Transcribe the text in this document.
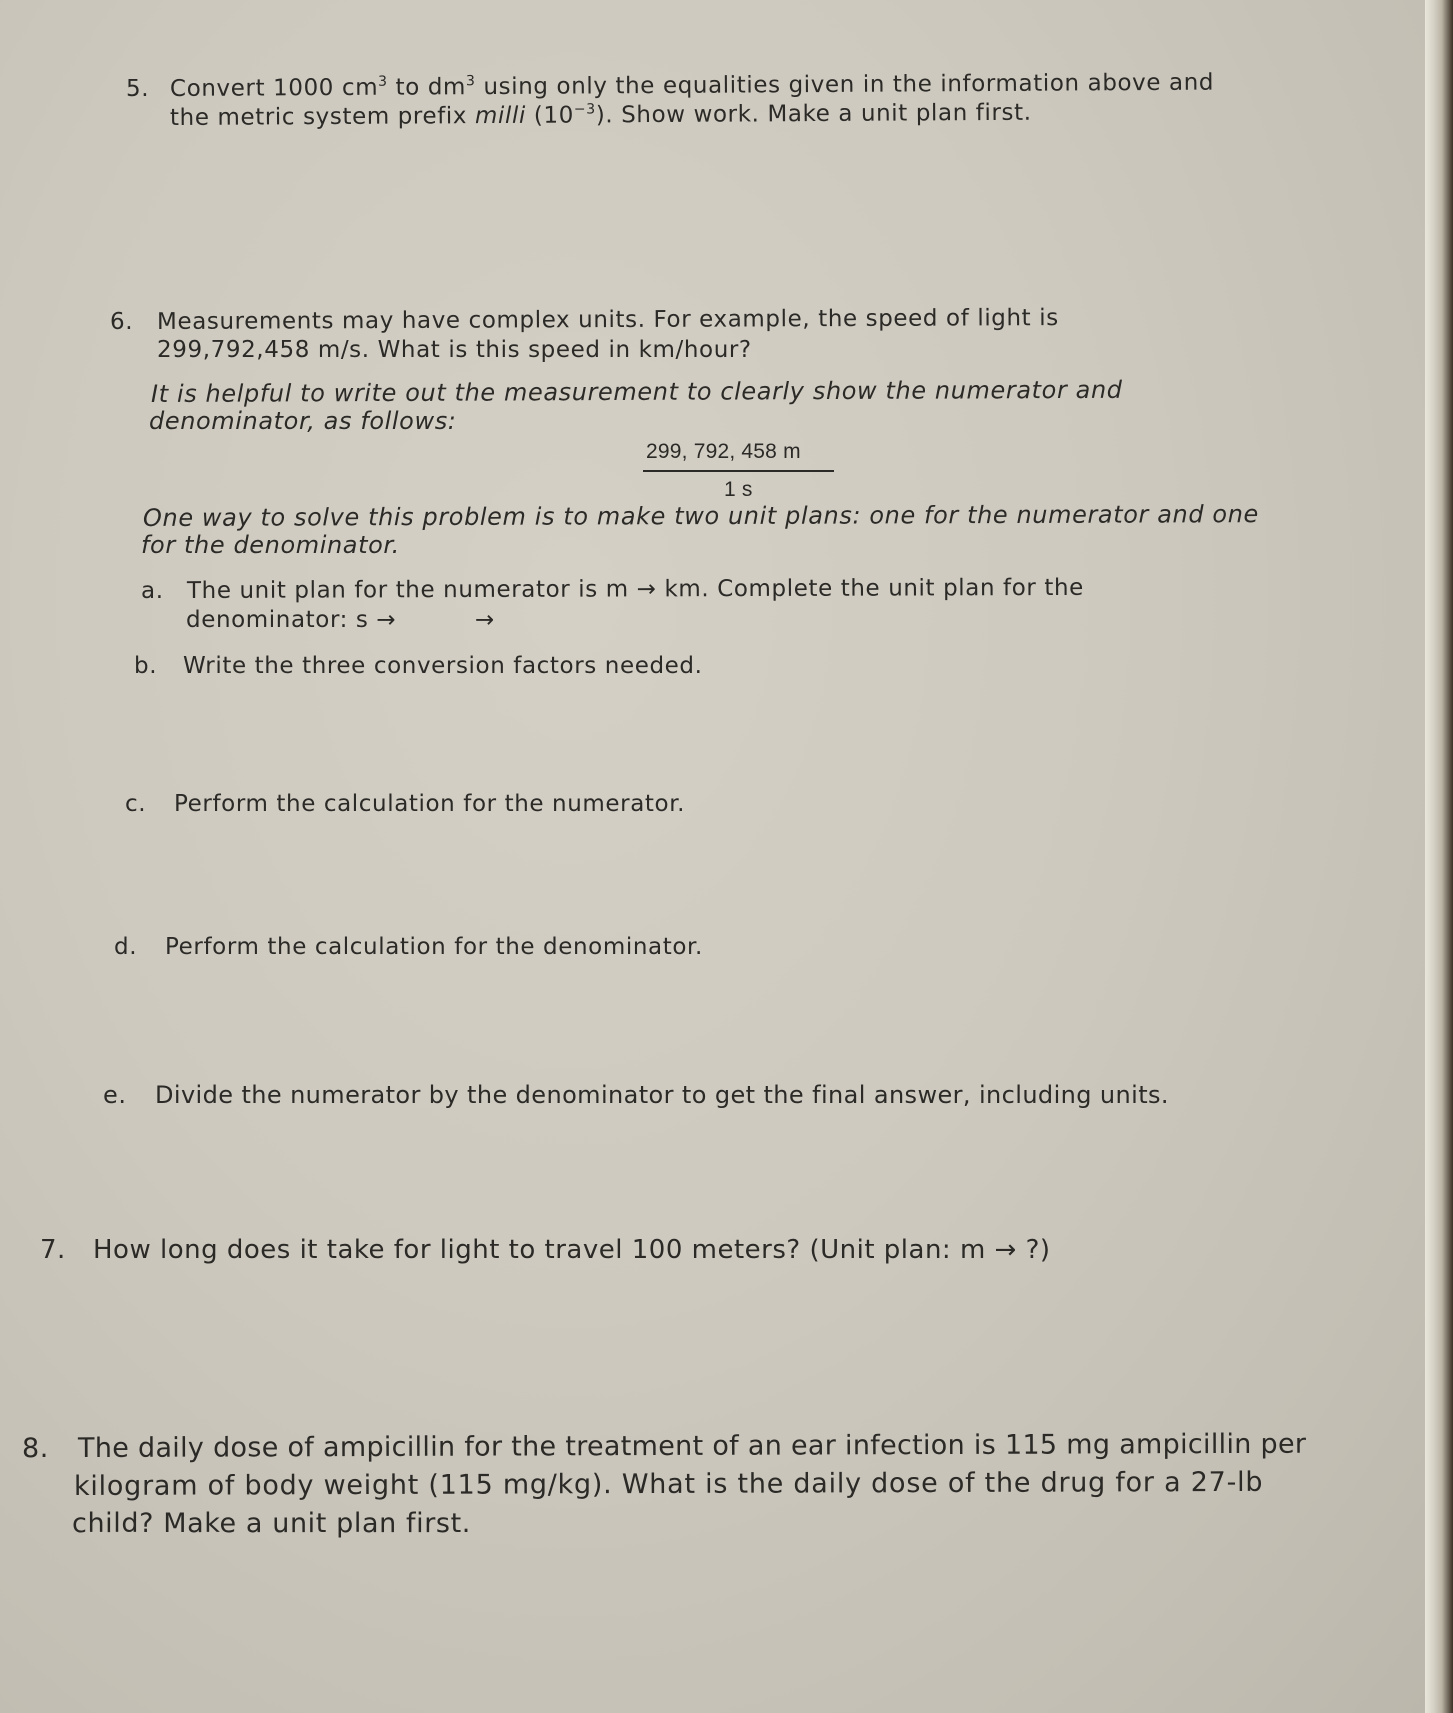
5. Convert 1000 $cm^3$ to $dm^3$ using only the equalities given in the information above and
the metric system prefix milli $(10^{-3})$. Show work. Make a unit plan first.
6. Measurements may have complex units. For example, the speed of light is
299,792,458 m/s. What is this speed in km/hour?
It is helpful to write out the measurement to clearly show the numerator and
denominator, as follows:
299, 792, 458 m
1 s
One way to solve this problem is to make two unit plans: one for the numerator and one
for the denominator.
a. The unit plan for the numerator is m → km. Complete the unit plan for the
denominator: s →	→
b. Write the three conversion factors needed.
c. Perform the calculation for the numerator.
d. Perform the calculation for the denominator.
e. Divide the numerator by the denominator to get the final answer, including units.
7. How long does it take for light to travel 100 meters? (Unit plan: m → ?)
8. The daily dose of ampicillin for the treatment of an ear infection is 115 mg ampicillin per
kilogram of body weight (115 mg/kg). What is the daily dose of the drug for a 27-lb
child? Make a unit plan first.
